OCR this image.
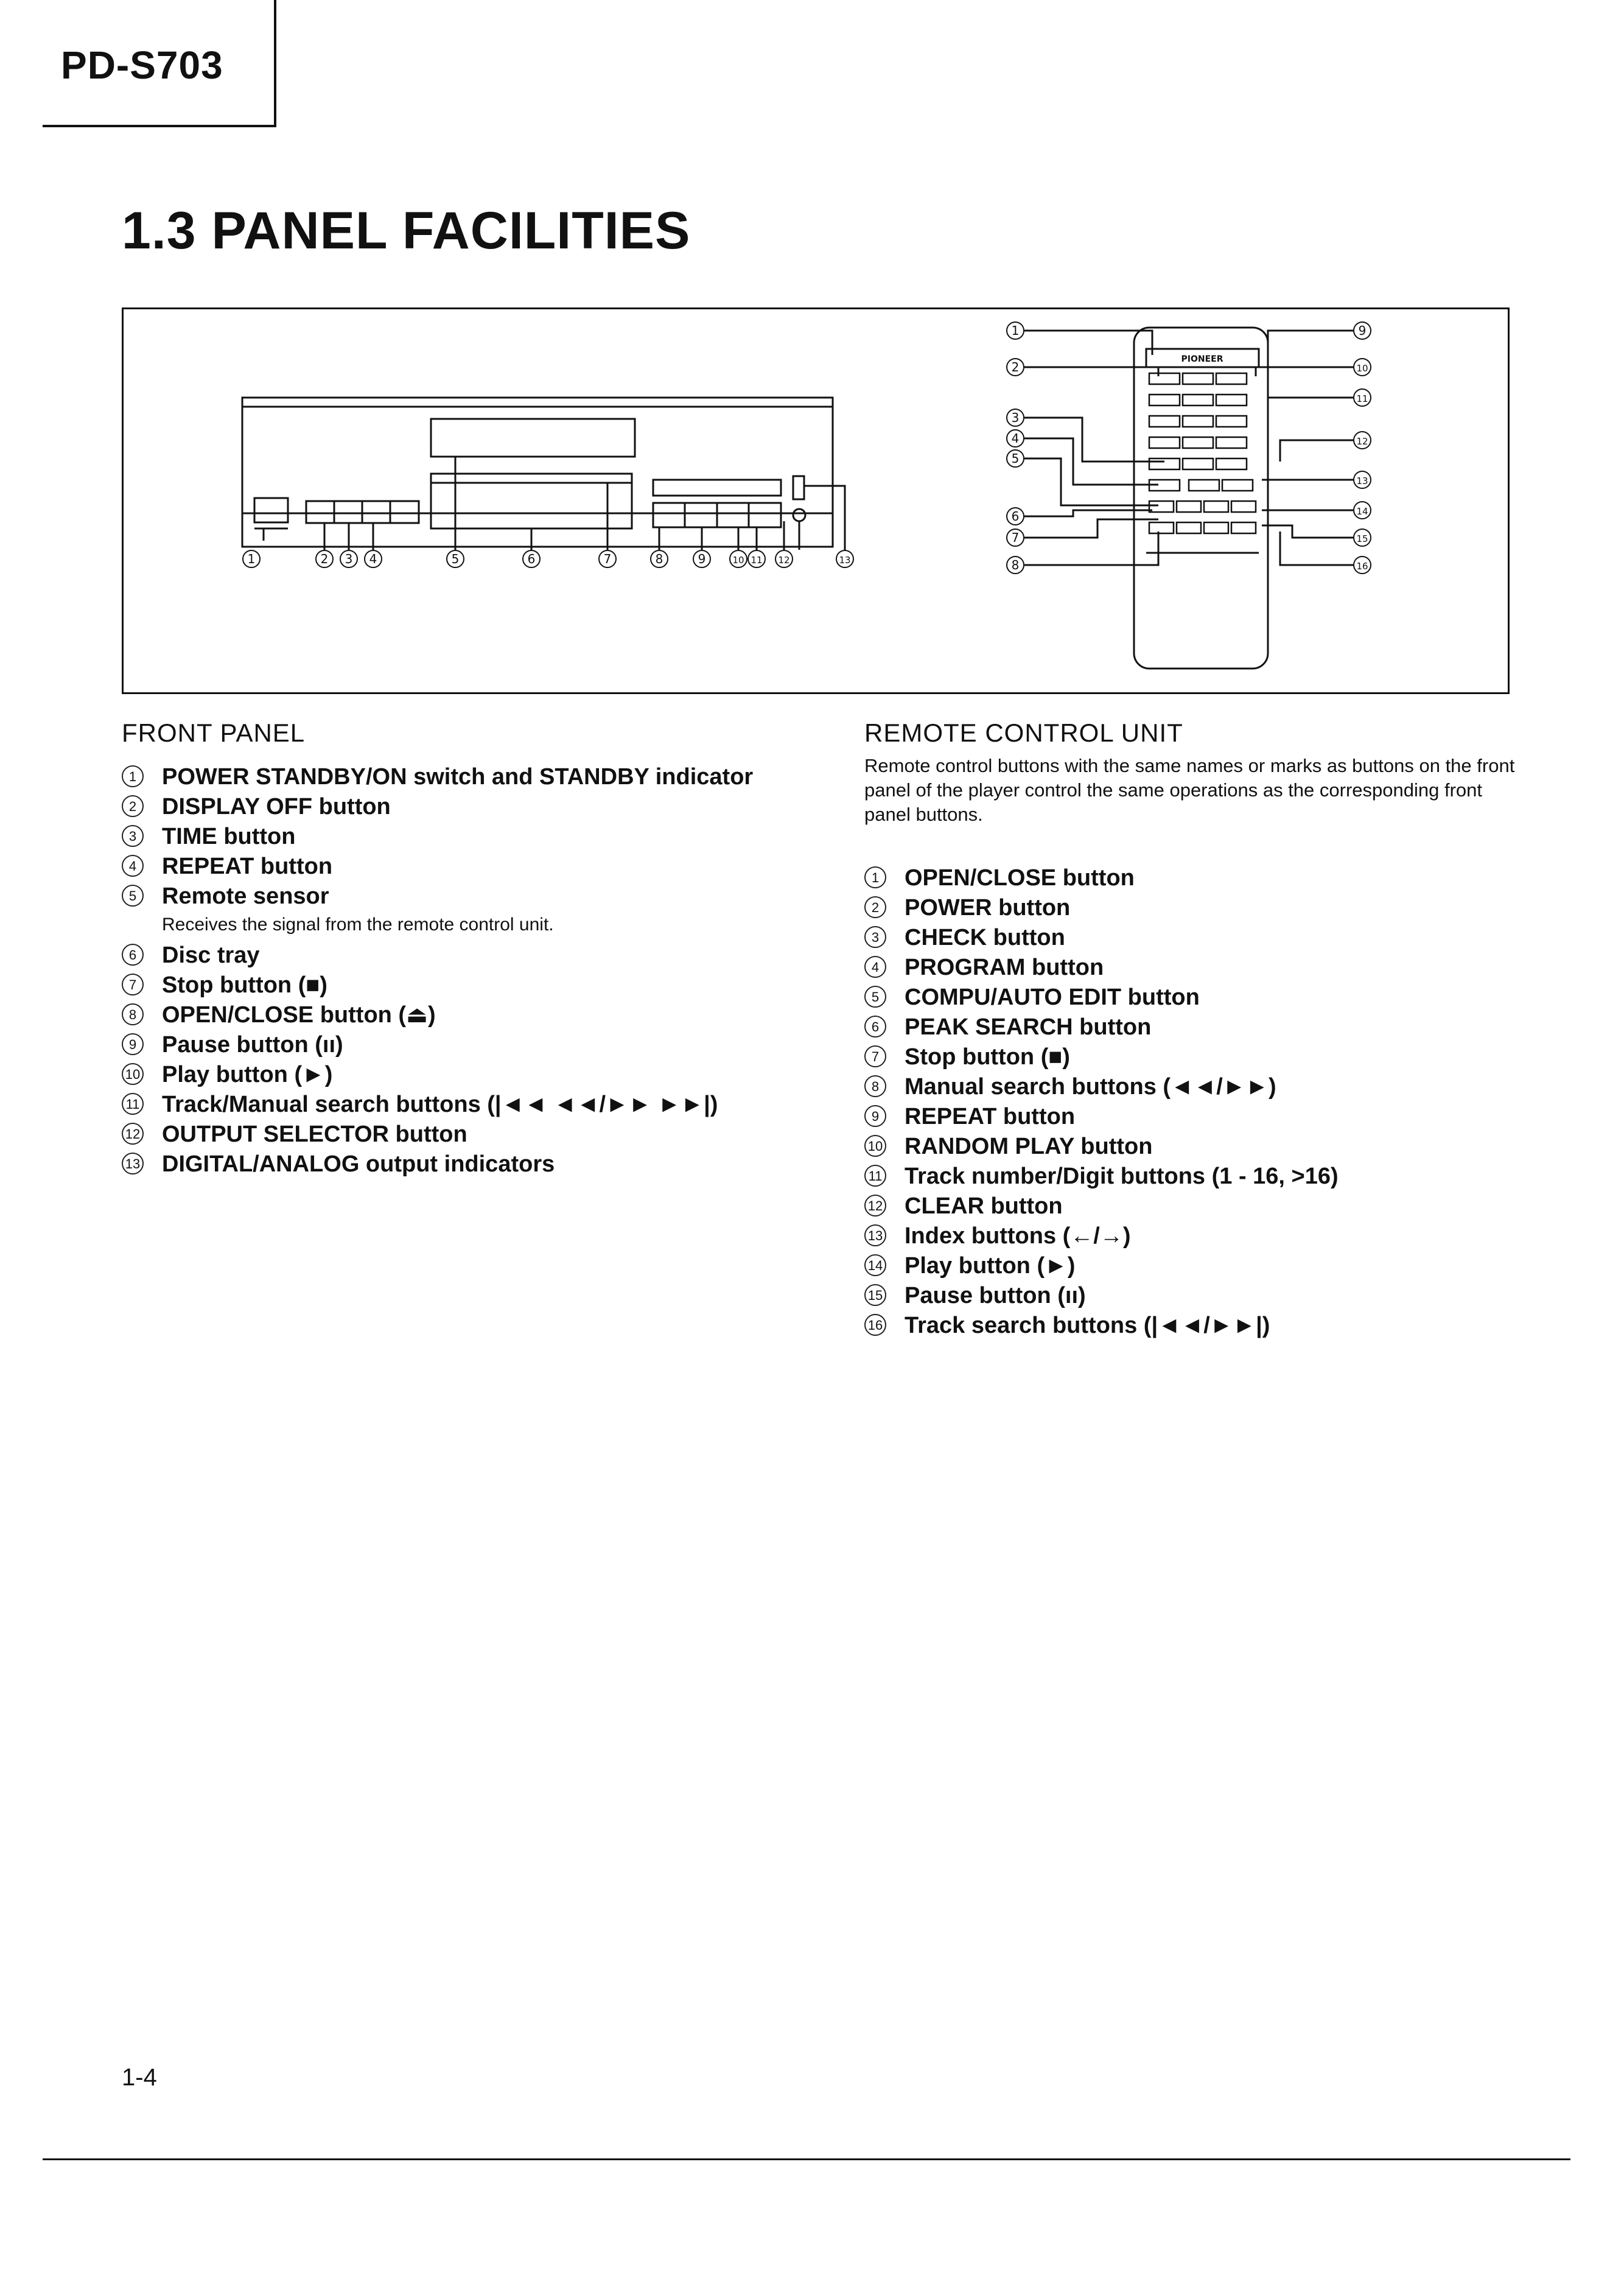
PD-S703
1.3 PANEL FACILITIES
PIONEER
1	2 3 4	5	6	7	8	9	10 11 12	13
1
2
3
4
5
6
7
8
9
10
11
12
13
14
15
16
FRONT PANEL
1	POWER STANDBY/ON switch and STANDBY indicator
2	DISPLAY OFF button
3	TIME button
4	REPEAT button
5	Remote sensor
Receives the signal from the remote control unit.
6	Disc tray
7	Stop button (■)
8	OPEN/CLOSE button (⏏)
9	Pause button (ıı)
10 Play button (►)
11 Track/Manual search buttons (|◄◄ ◄◄/►► ►►|)
12 OUTPUT SELECTOR button
13 DIGITAL/ANALOG output indicators
REMOTE CONTROL UNIT

Remote control buttons with the same names or marks as buttons on the front panel of the player control the same operations as the corresponding front panel buttons.

1	OPEN/CLOSE button
2	POWER button
3	CHECK button
4	PROGRAM button
5	COMPU/AUTO EDIT button
6	PEAK SEARCH button
7	Stop button (■)
8	Manual search buttons (◄◄/►►)
9	REPEAT button
10 RANDOM PLAY button
11 Track number/Digit buttons (1 - 16, >16)
12 CLEAR button
13 Index buttons (←/→)
14 Play button (►)
15 Pause button (ıı)
16 Track search buttons (|◄◄/►►|)
1-4
